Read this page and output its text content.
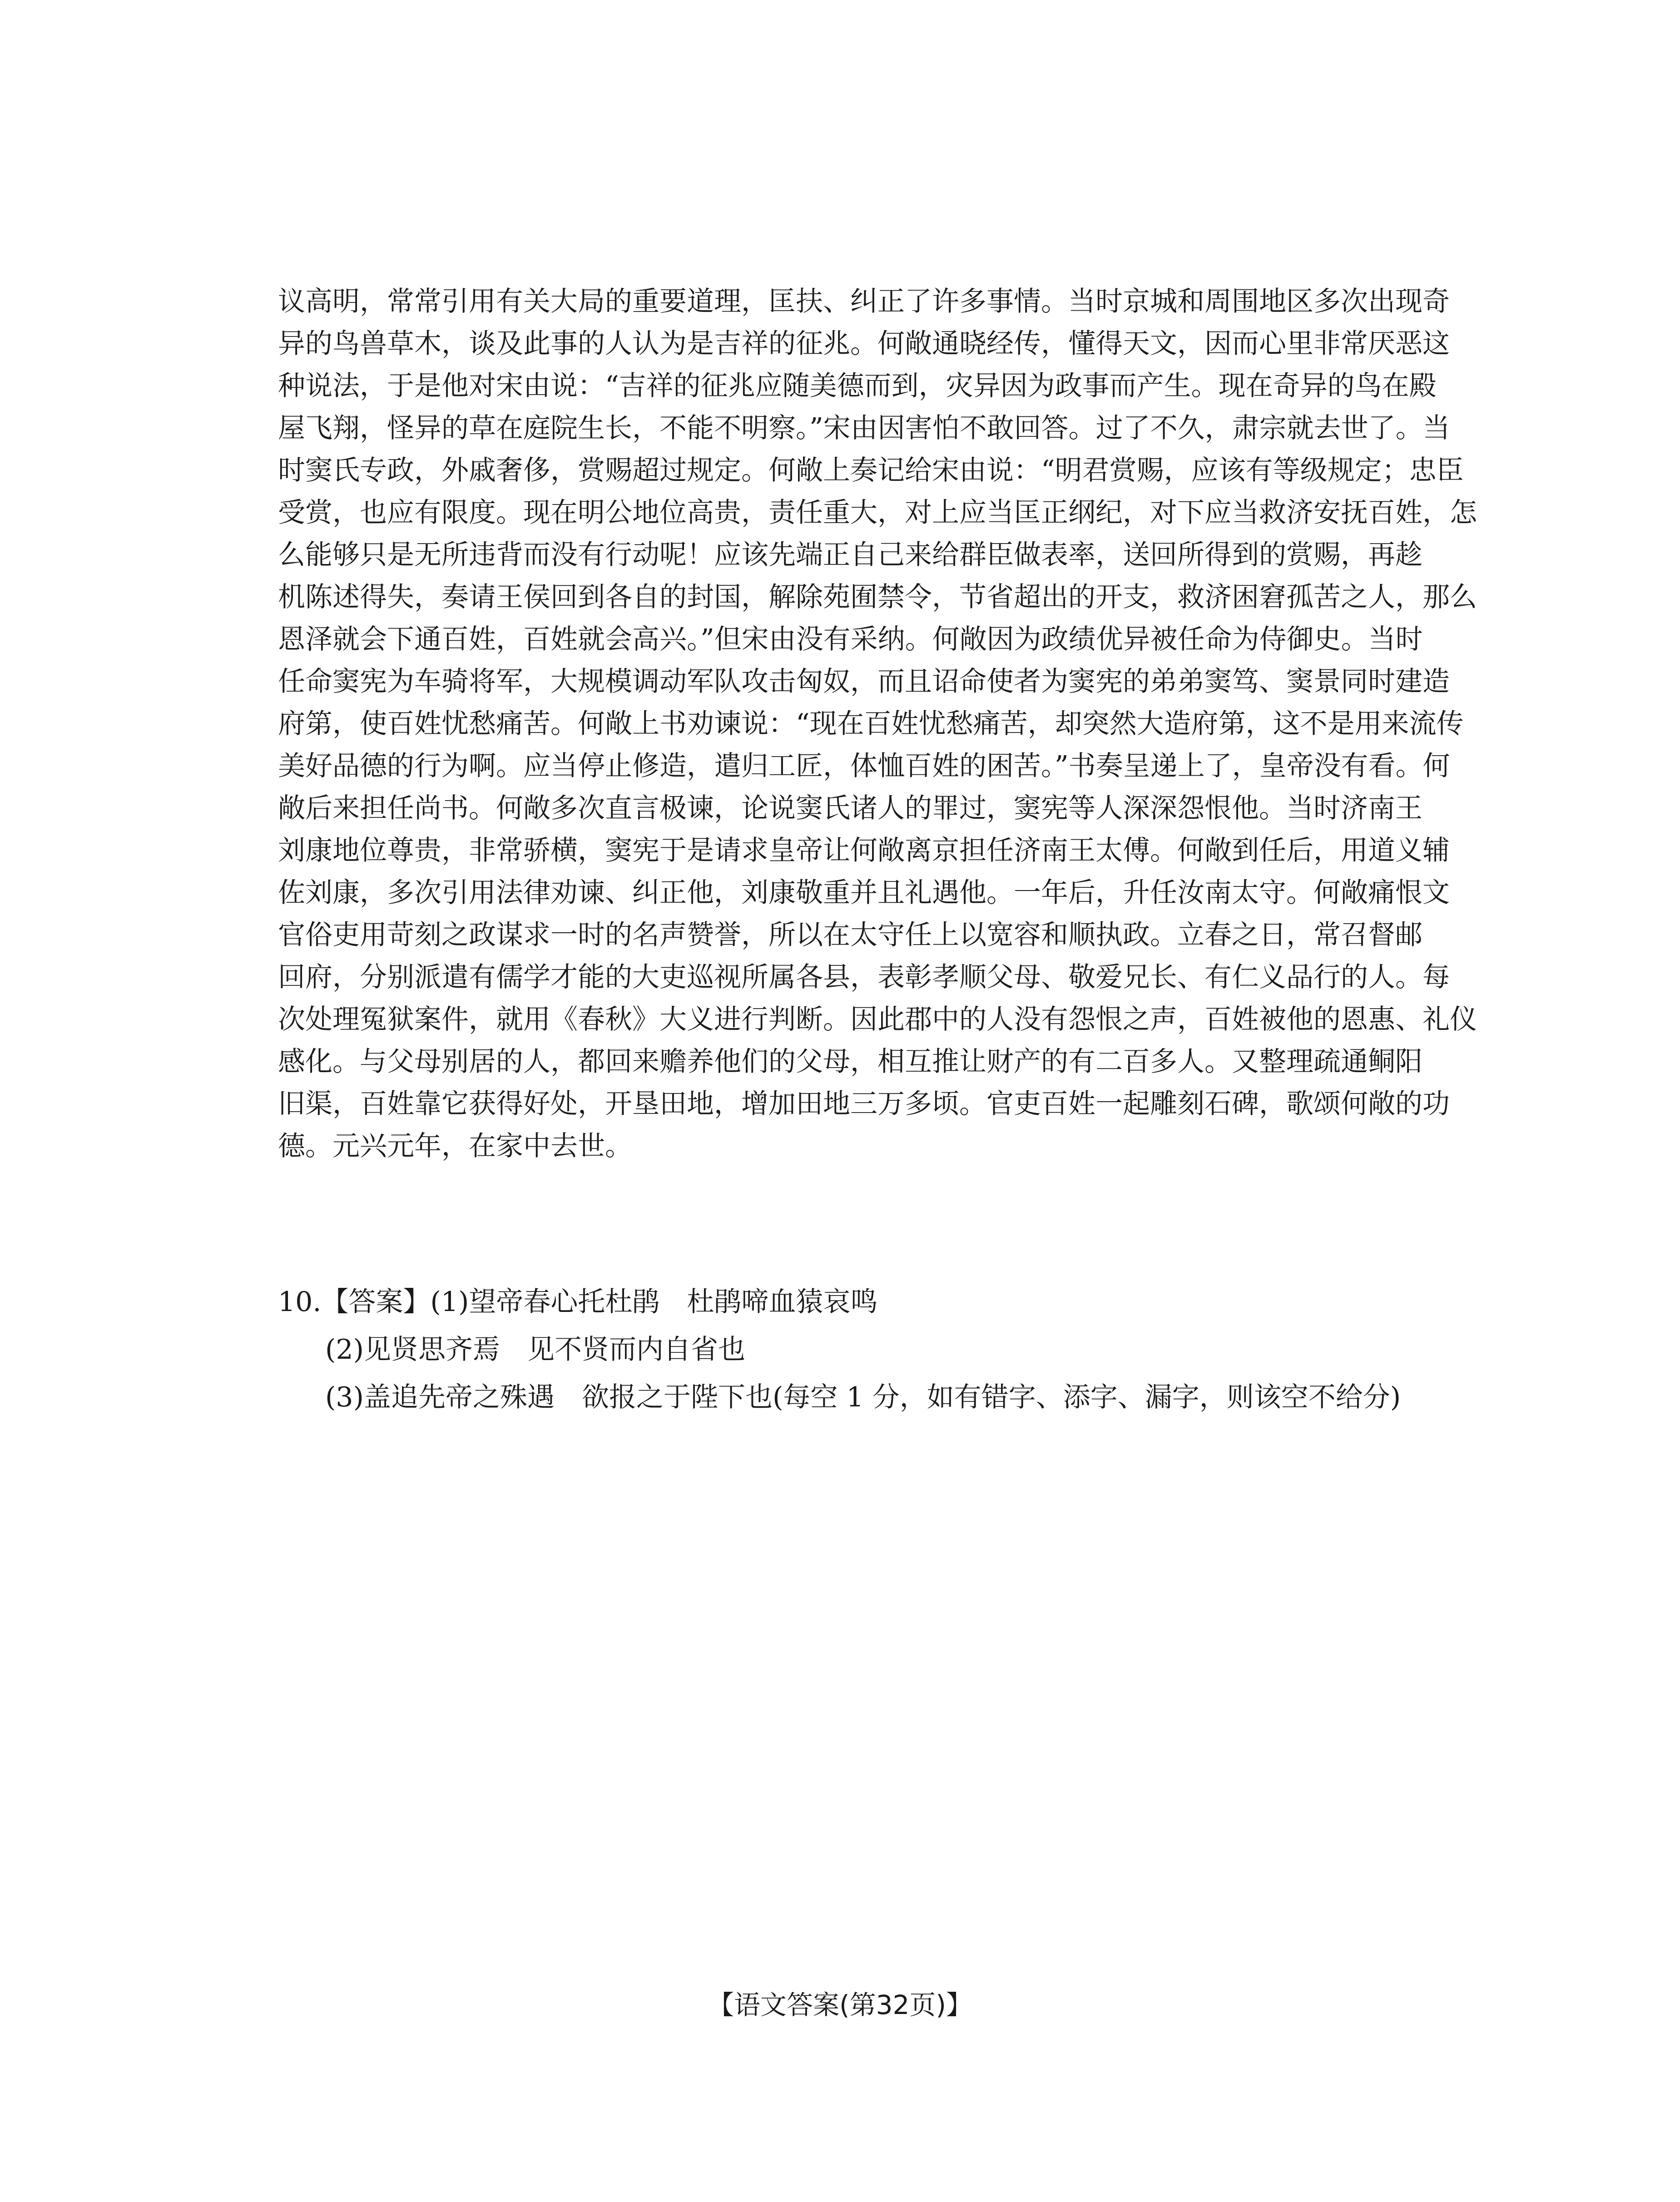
议高明，常常引用有关大局的重要道理，匡扶、纠正了许多事情。当时京城和周围地区多次出现奇
异的鸟兽草木，谈及此事的人认为是吉祥的征兆。何敞通晓经传，懂得天文，因而心里非常厌恶这
种说法，于是他对宋由说：“吉祥的征兆应随美德而到，灾异因为政事而产生。现在奇异的鸟在殿
屋飞翔，怪异的草在庭院生长，不能不明察。”宋由因害怕不敢回答。过了不久，肃宗就去世了。当
时窦氏专政，外戚奢侈，赏赐超过规定。何敞上奏记给宋由说：“明君赏赐，应该有等级规定；忠臣
受赏，也应有限度。现在明公地位高贵，责任重大，对上应当匡正纲纪，对下应当救济安抚百姓，怎
么能够只是无所违背而没有行动呢！应该先端正自己来给群臣做表率，送回所得到的赏赐，再趁
机陈述得失，奏请王侯回到各自的封国，解除苑囿禁令，节省超出的开支，救济困窘孤苦之人，那么
恩泽就会下通百姓，百姓就会高兴。”但宋由没有采纳。何敞因为政绩优异被任命为侍御史。当时
任命窦宪为车骑将军，大规模调动军队攻击匈奴，而且诏命使者为窦宪的弟弟窦笃、窦景同时建造
府第，使百姓忧愁痛苦。何敞上书劝谏说：“现在百姓忧愁痛苦，却突然大造府第，这不是用来流传
美好品德的行为啊。应当停止修造，遣归工匠，体恤百姓的困苦。”书奏呈递上了，皇帝没有看。何
敞后来担任尚书。何敞多次直言极谏，论说窦氏诸人的罪过，窦宪等人深深怨恨他。当时济南王
刘康地位尊贵，非常骄横，窦宪于是请求皇帝让何敞离京担任济南王太傅。何敞到任后，用道义辅
佐刘康，多次引用法律劝谏、纠正他，刘康敬重并且礼遇他。一年后，升任汝南太守。何敞痛恨文
官俗吏用苛刻之政谋求一时的名声赞誉，所以在太守任上以宽容和顺执政。立春之日，常召督邮
回府，分别派遣有儒学才能的大吏巡视所属各县，表彰孝顺父母、敬爱兄长、有仁义品行的人。每
次处理冤狱案件，就用《春秋》大义进行判断。因此郡中的人没有怨恨之声，百姓被他的恩惠、礼仪
感化。与父母别居的人，都回来赡养他们的父母，相互推让财产的有二百多人。又整理疏通鲖阳
旧渠，百姓靠它获得好处，开垦田地，增加田地三万多顷。官吏百姓一起雕刻石碑，歌颂何敞的功
德。元兴元年，在家中去世。
10.【答案】(1)望帝春心托杜鹃　杜鹃啼血猿哀鸣
(2)见贤思齐焉　见不贤而内自省也
(3)盖追先帝之殊遇　欲报之于陛下也(每空 1 分，如有错字、添字、漏字，则该空不给分)
【语文答案(第32页)】
